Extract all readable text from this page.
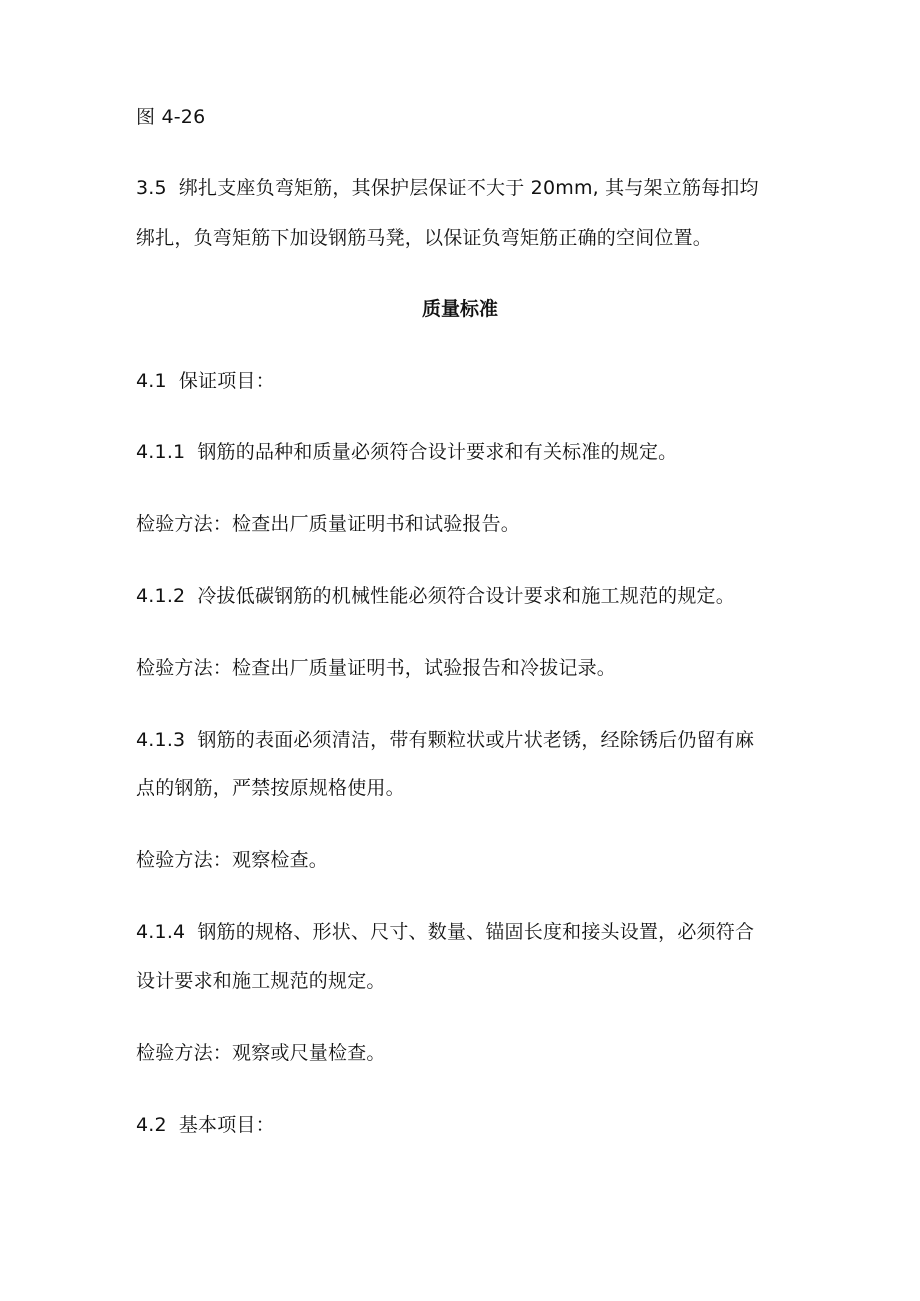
图 4-26
3.5 绑扎支座负弯矩筋，其保护层保证不大于 20mm, 其与架立筋每扣均
绑扎，负弯矩筋下加设钢筋马凳，以保证负弯矩筋正确的空间位置。
质量标准
4.1 保证项目：
4.1.1 钢筋的品种和质量必须符合设计要求和有关标准的规定。
检验方法：检查出厂质量证明书和试验报告。
4.1.2 冷拔低碳钢筋的机械性能必须符合设计要求和施工规范的规定。
检验方法：检查出厂质量证明书，试验报告和冷拔记录。
4.1.3 钢筋的表面必须清洁，带有颗粒状或片状老锈，经除锈后仍留有麻
点的钢筋，严禁按原规格使用。
检验方法：观察检查。
4.1.4 钢筋的规格、形状、尺寸、数量、锚固长度和接头设置，必须符合
设计要求和施工规范的规定。
检验方法：观察或尺量检查。
4.2 基本项目：
